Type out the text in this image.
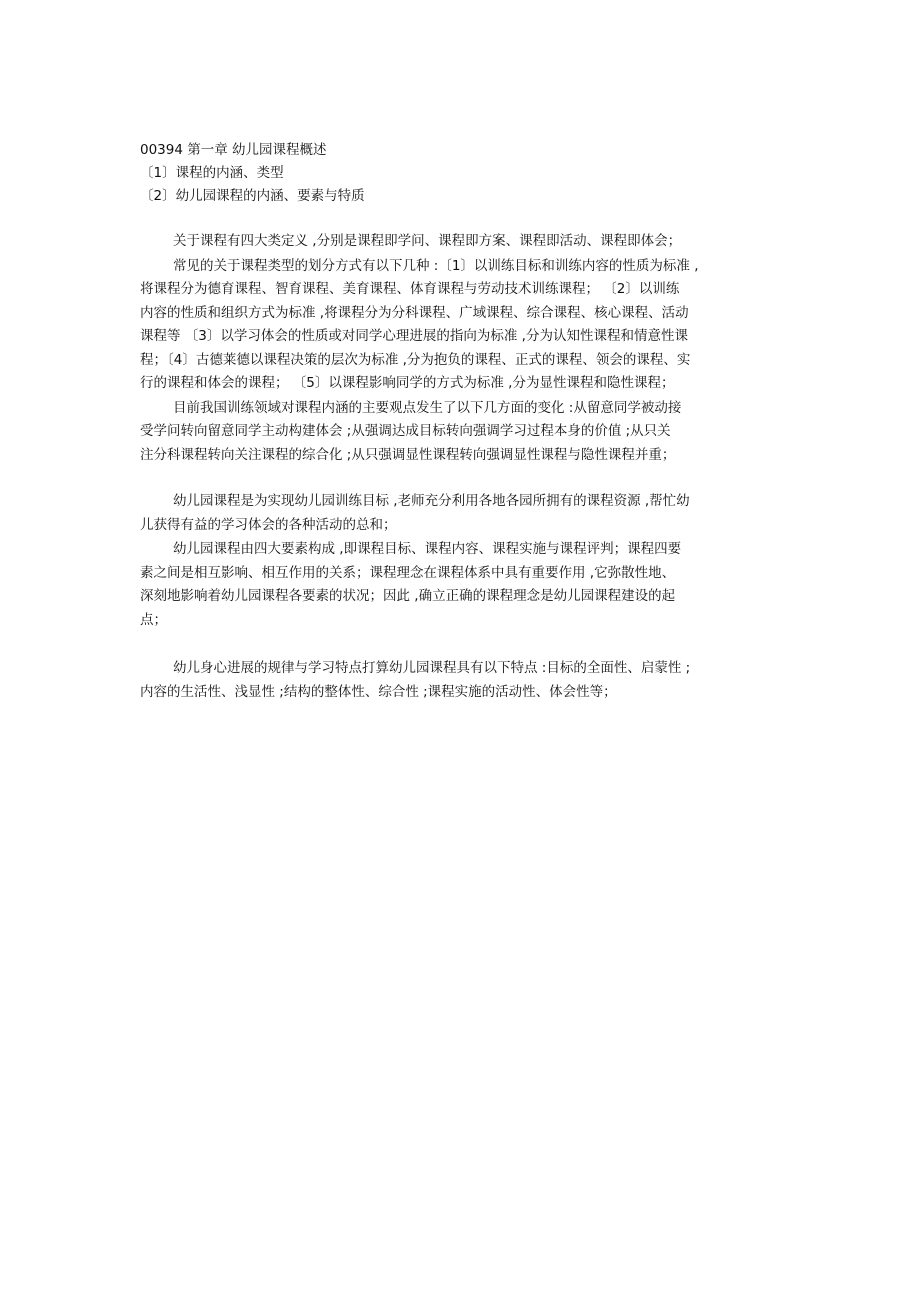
00394 第一章 幼儿园课程概述
〔1〕课程的内涵、类型
〔2〕幼儿园课程的内涵、要素与特质
关于课程有四大类定义 ,分别是课程即学问、课程即方案、课程即活动、课程即体会；
常见的关于课程类型的划分方式有以下几种 :〔1〕以训练目标和训练内容的性质为标准 ,
将课程分为德育课程、智育课程、美育课程、体育课程与劳动技术训练课程； 〔2〕以训练
内容的性质和组织方式为标准 ,将课程分为分科课程、广域课程、综合课程、核心课程、活动
课程等 〔3〕以学习体会的性质或对同学心理进展的指向为标准 ,分为认知性课程和情意性课
程；〔4〕古德莱德以课程决策的层次为标准 ,分为抱负的课程、正式的课程、领会的课程、实
行的课程和体会的课程； 〔5〕以课程影响同学的方式为标准 ,分为显性课程和隐性课程；
目前我国训练领域对课程内涵的主要观点发生了以下几方面的变化 :从留意同学被动接
受学问转向留意同学主动构建体会 ;从强调达成目标转向强调学习过程本身的价值 ;从只关
注分科课程转向关注课程的综合化 ;从只强调显性课程转向强调显性课程与隐性课程并重；
幼儿园课程是为实现幼儿园训练目标 ,老师充分利用各地各园所拥有的课程资源 ,帮忙幼
儿获得有益的学习体会的各种活动的总和；
幼儿园课程由四大要素构成 ,即课程目标、课程内容、课程实施与课程评判；课程四要
素之间是相互影响、相互作用的关系；课程理念在课程体系中具有重要作用 ,它弥散性地、
深刻地影响着幼儿园课程各要素的状况；因此 ,确立正确的课程理念是幼儿园课程建设的起
点；
幼儿身心进展的规律与学习特点打算幼儿园课程具有以下特点 :目标的全面性、启蒙性 ;
内容的生活性、浅显性 ;结构的整体性、综合性 ;课程实施的活动性、体会性等；
